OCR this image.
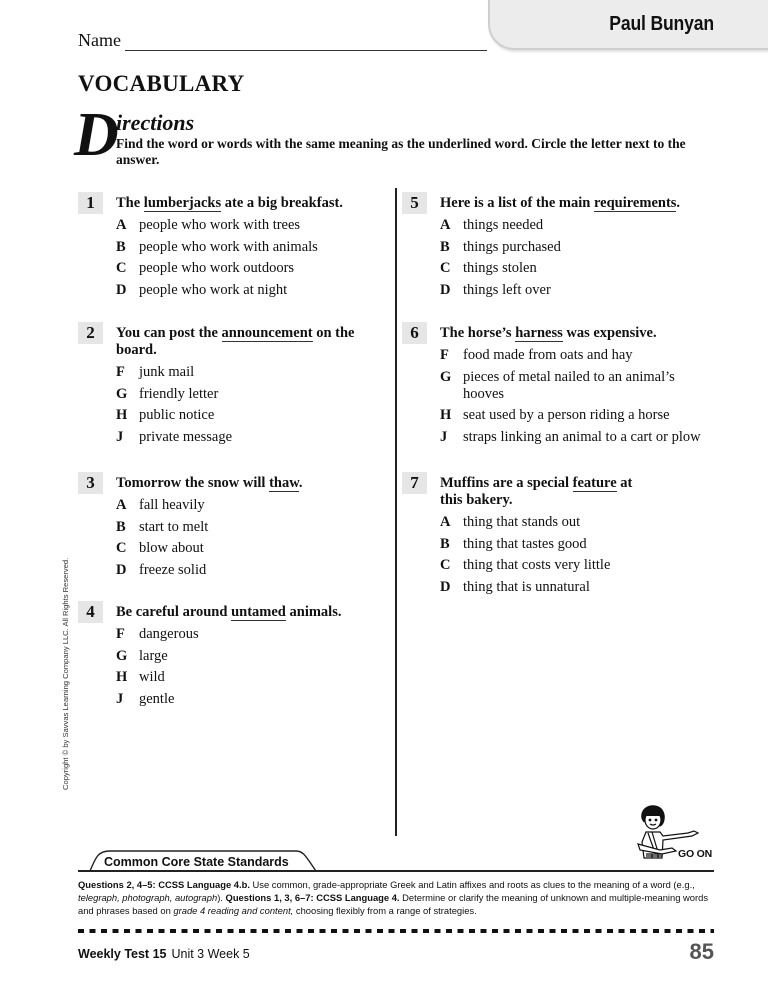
Paul Bunyan
Name
VOCABULARY
D
irections
Find the word or words with the same meaning as the underlined word. Circle the letter next to the answer.
1	The lumberjacks ate a big breakfast.
A people who work with trees
B people who work with animals
C people who work outdoors
D people who work at night
2	You can post the announcement on the board.
F junk mail
G friendly letter
H public notice
J	private message
3	Tomorrow the snow will thaw.
A fall heavily
B start to melt
C blow about
D freeze solid
4	Be careful around untamed animals.
F dangerous
G large
H wild
J	gentle
5	Here is a list of the main requirements.
A things needed
B things purchased
C things stolen
D things left over
6	The horse’s harness was expensive.
F food made from oats and hay
G pieces of metal nailed to an animal’s hooves
H seat used by a person riding a horse
J	straps linking an animal to a cart or plow
7	Muffins are a special feature at this bakery.
A thing that stands out
B thing that tastes good
C thing that costs very little
D thing that is unnatural
Copyright © by Savvas Learning Company LLC. All Rights Reserved.
GO ON
Common Core State Standards
Questions 2, 4–5: CCSS Language 4.b. Use common, grade-appropriate Greek and Latin affixes and roots as clues to the meaning of a word (e.g., telegraph, photograph, autograph). Questions 1, 3, 6–7: CCSS Language 4. Determine or clarify the meaning of unknown and multiple-meaning words and phrases based on grade 4 reading and content, choosing flexibly from a range of strategies.
Weekly Test 15 Unit 3 Week 5	85
